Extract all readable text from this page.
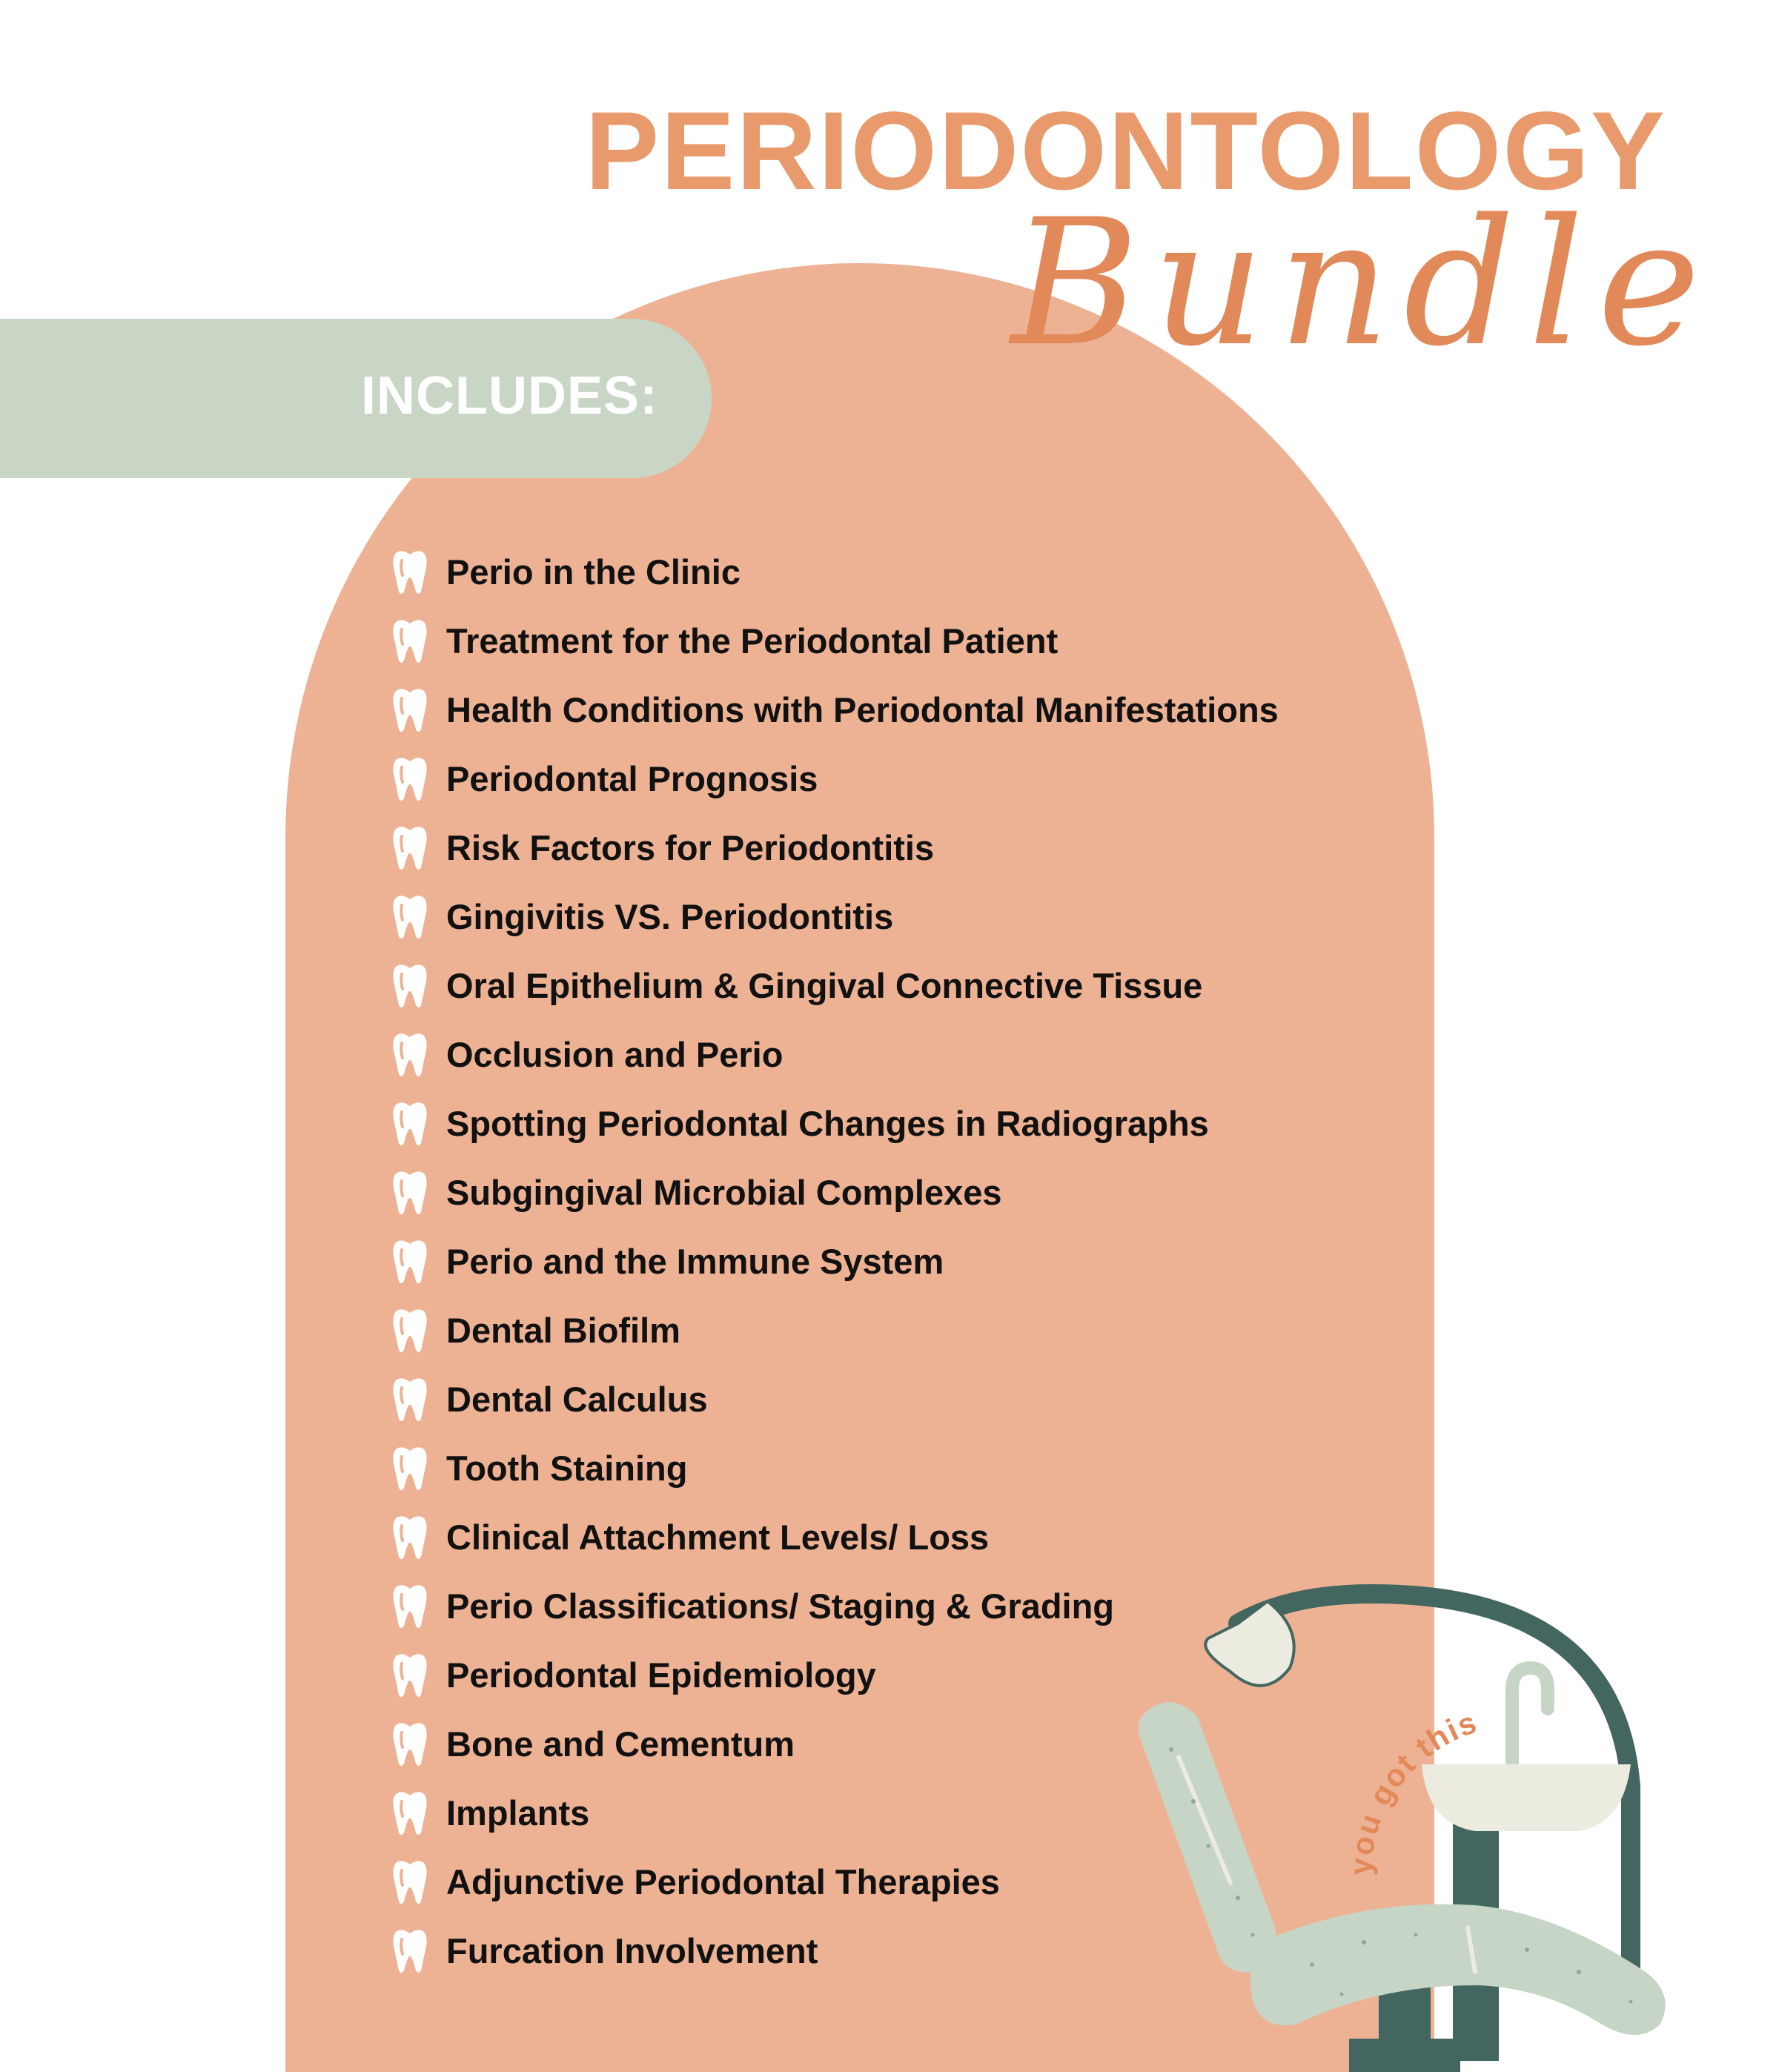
PERIODONTOLOGY
Bundle
INCLUDES:
Perio in the Clinic
Treatment for the Periodontal Patient
Health Conditions with Periodontal Manifestations
Periodontal Prognosis
Risk Factors for Periodontitis
Gingivitis VS. Periodontitis
Oral Epithelium & Gingival Connective Tissue
Occlusion and Perio
Spotting Periodontal Changes in Radiographs
Subgingival Microbial Complexes
Perio and the Immune System
Dental Biofilm
Dental Calculus
Tooth Staining
Clinical Attachment Levels/ Loss
Perio Classifications/ Staging & Grading
Periodontal Epidemiology
Bone and Cementum
Implants
Adjunctive Periodontal Therapies
Furcation Involvement
you got this
